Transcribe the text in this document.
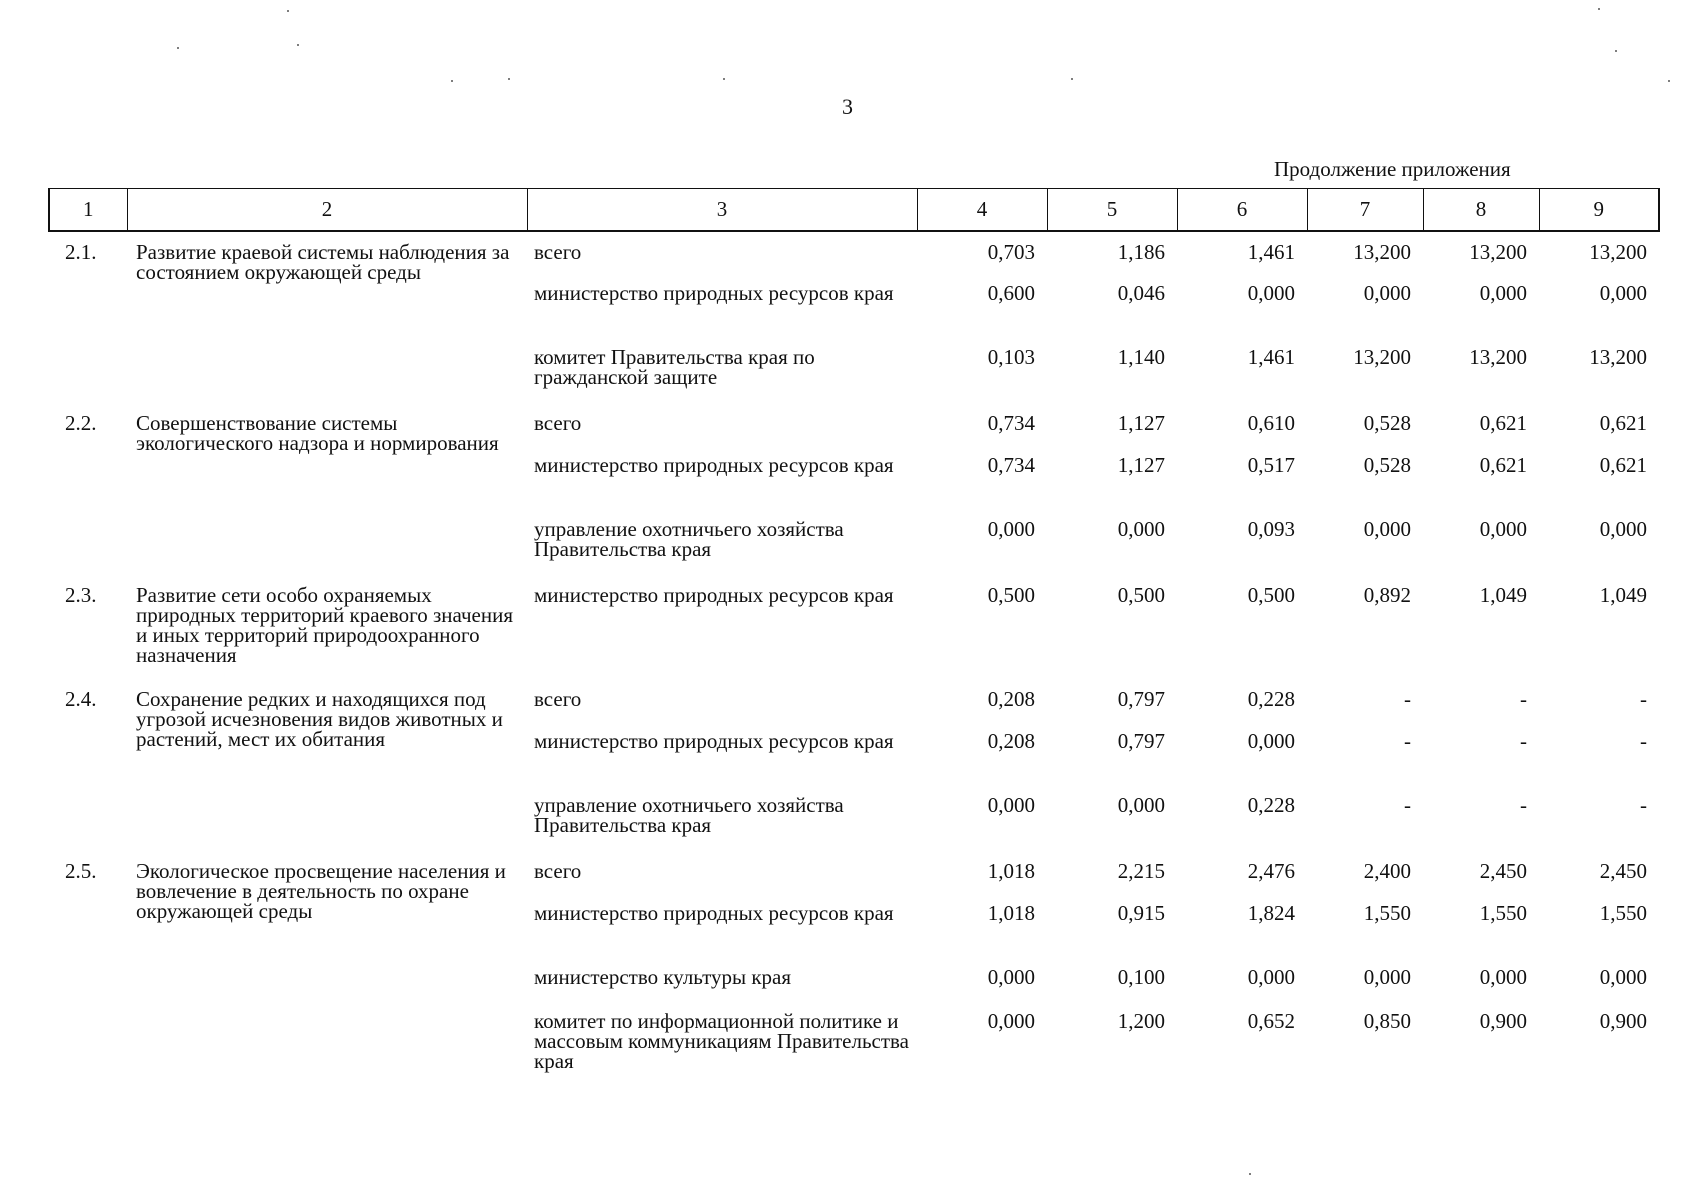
3
Продолжение приложения
1	2	3	4	5	6	7	8	9
2.1.	Развитие краевой системы наблюдения за состоянием окружающей среды	всего	0,703	1,186	1,461	13,200	13,200	13,200
		министерство природных ресурсов края	0,600	0,046	0,000	0,000	0,000	0,000
		комитет Правительства края по гражданской защите	0,103	1,140	1,461	13,200	13,200	13,200
2.2.	Совершенствование системы экологического надзора и нормирования	всего	0,734	1,127	0,610	0,528	0,621	0,621
		министерство природных ресурсов края	0,734	1,127	0,517	0,528	0,621	0,621
		управление охотничьего хозяйства Правительства края	0,000	0,000	0,093	0,000	0,000	0,000
2.3.	Развитие сети особо охраняемых природных территорий краевого значения и иных территорий природоохранного назначения	министерство природных ресурсов края	0,500	0,500	0,500	0,892	1,049	1,049
2.4.	Сохранение редких и находящихся под угрозой исчезновения видов животных и растений, мест их обитания	всего	0,208	0,797	0,228	-	-	-
		министерство природных ресурсов края	0,208	0,797	0,000	-	-	-
		управление охотничьего хозяйства Правительства края	0,000	0,000	0,228	-	-	-
2.5.	Экологическое просвещение населения и вовлечение в деятельность по охране окружающей среды	всего	1,018	2,215	2,476	2,400	2,450	2,450
		министерство природных ресурсов края	1,018	0,915	1,824	1,550	1,550	1,550
		министерство культуры края	0,000	0,100	0,000	0,000	0,000	0,000
		комитет по информационной политике и массовым коммуникациям Правительства края	0,000	1,200	0,652	0,850	0,900	0,900
